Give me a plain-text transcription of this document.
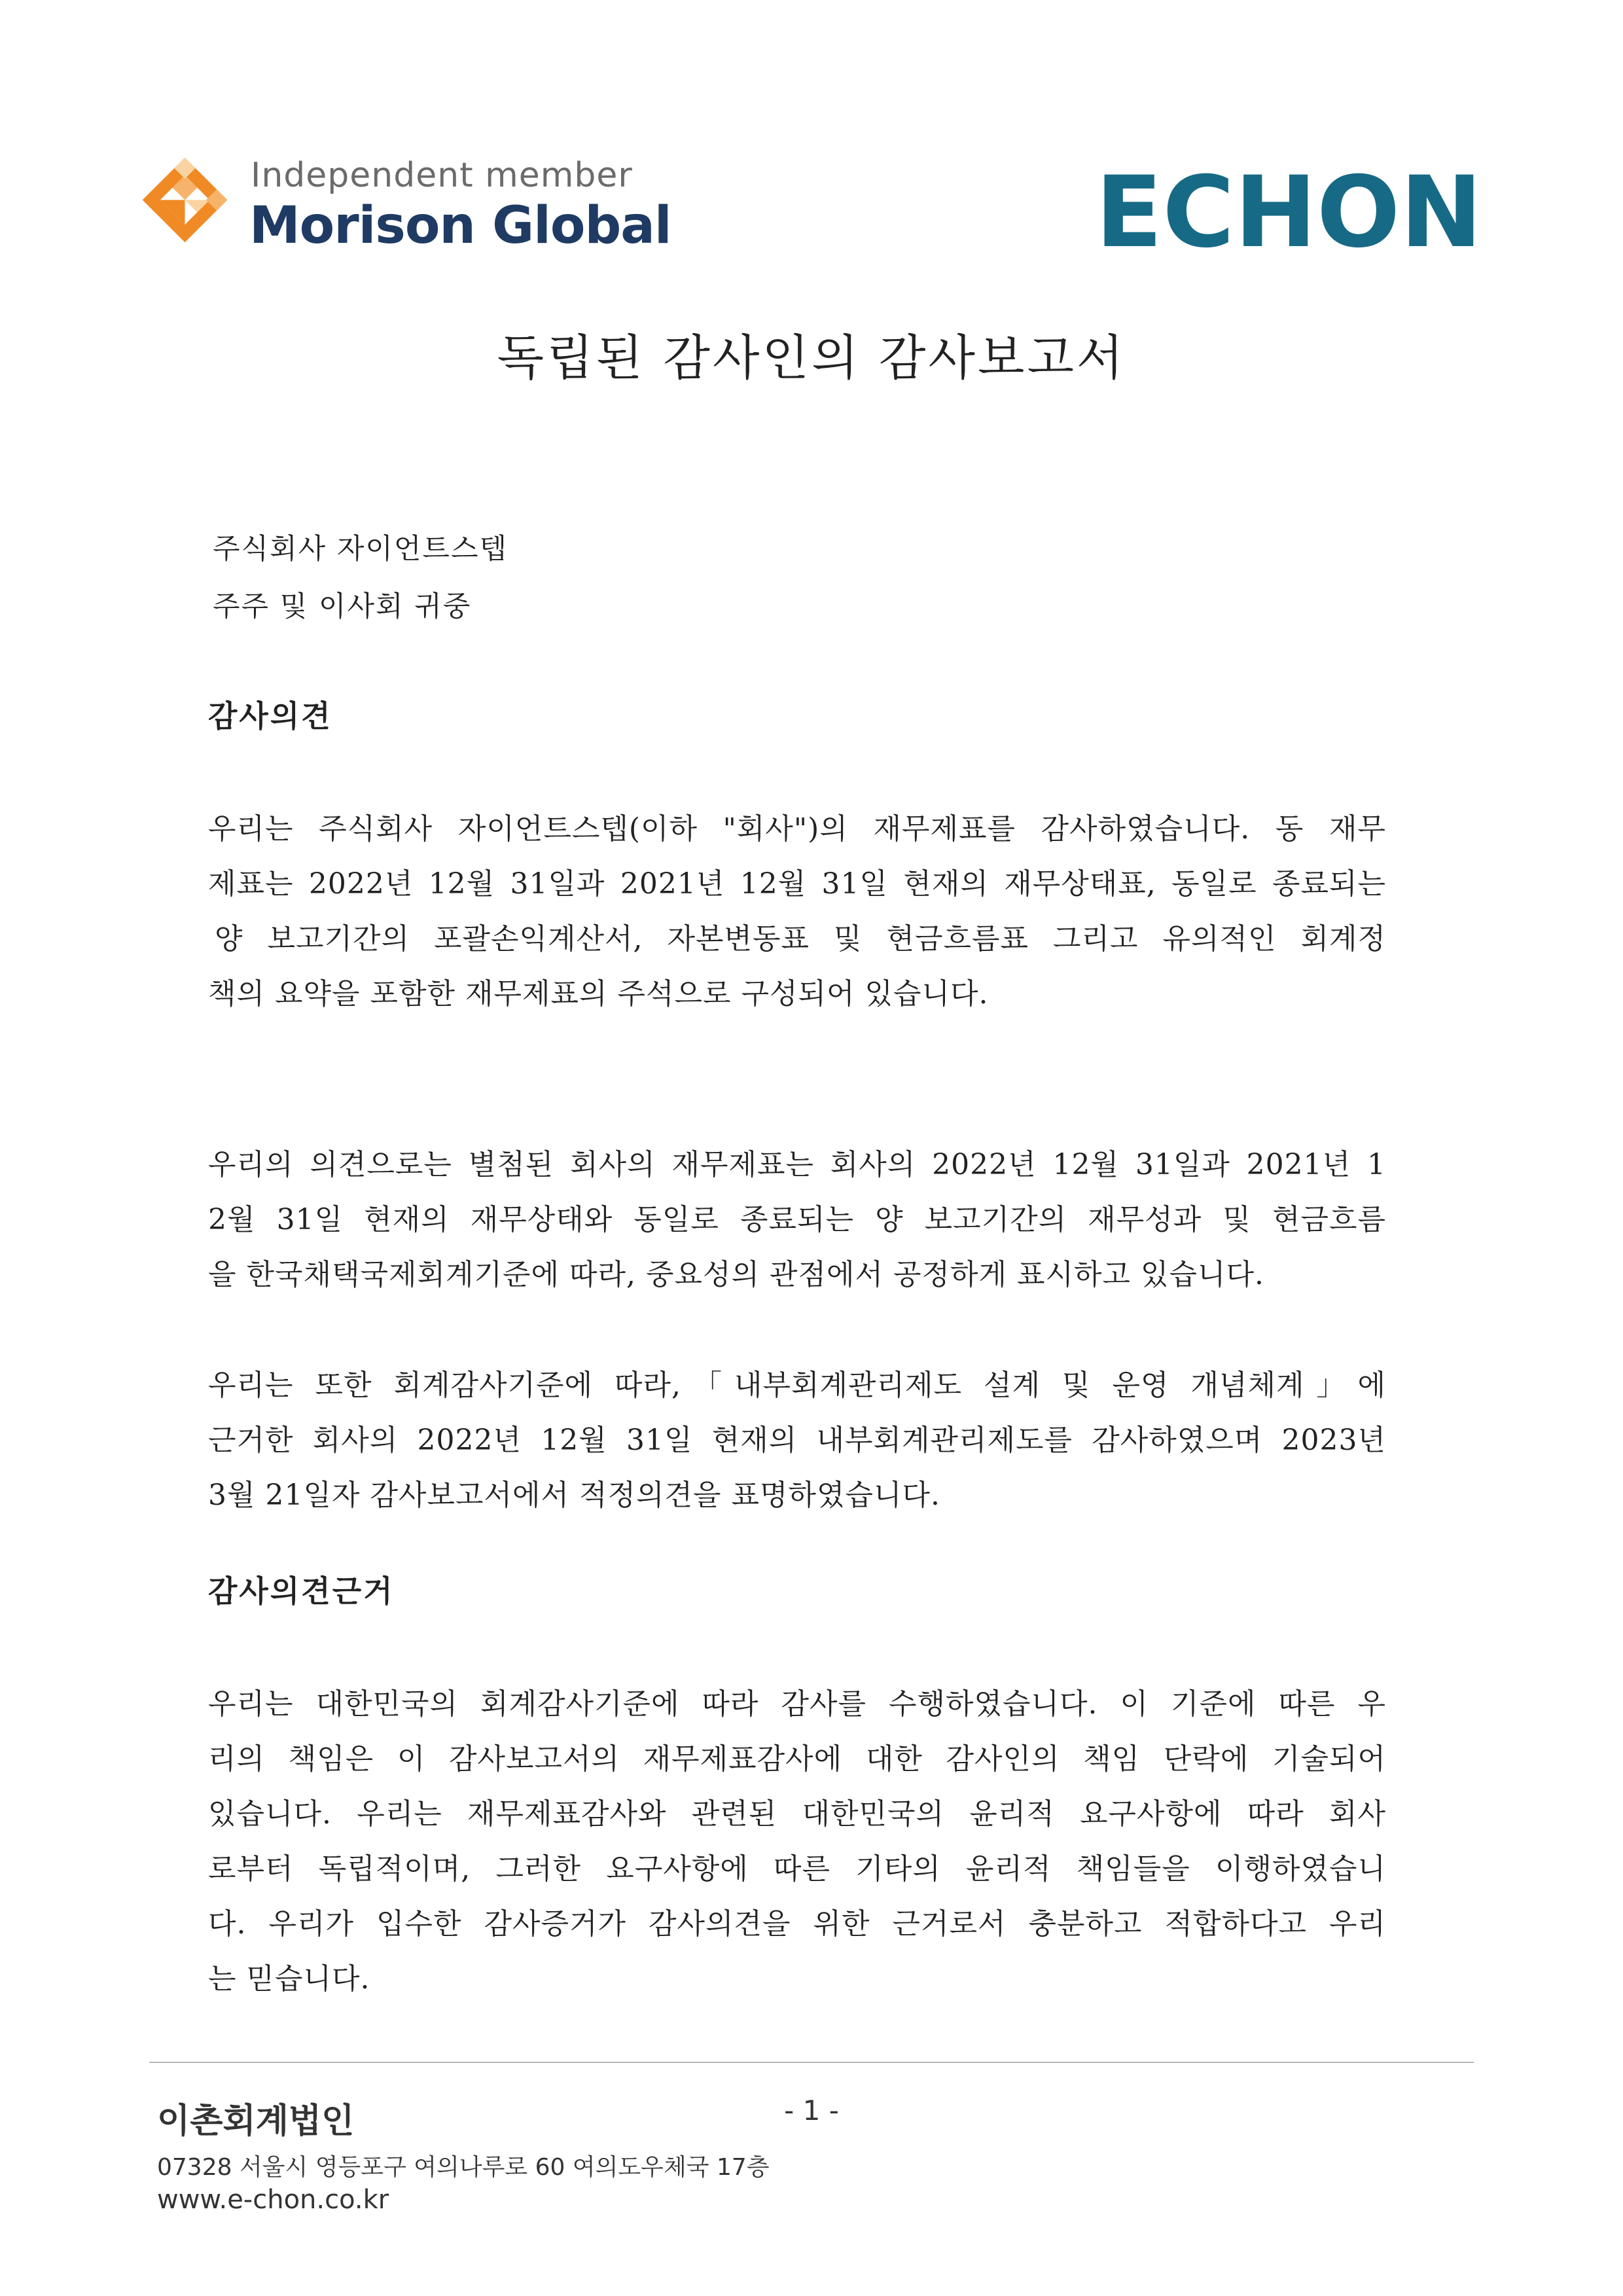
Independent member
Morison Global	ECHON
독립된 감사인의 감사보고서
주식회사 자이언트스텝
주주 및 이사회 귀중
감사의견
우리는 주식회사 자이언트스텝(이하 "회사")의 재무제표를 감사하였습니다. 동 재무
제표는 2022년 12월 31일과 2021년 12월 31일 현재의 재무상태표, 동일로 종료되는
양 보고기간의 포괄손익계산서, 자본변동표 및 현금흐름표 그리고 유의적인 회계정
책의 요약을 포함한 재무제표의 주석으로 구성되어 있습니다.
우리의 의견으로는 별첨된 회사의 재무제표는 회사의 2022년 12월 31일과 2021년 1
2월 31일 현재의 재무상태와 동일로 종료되는 양 보고기간의 재무성과 및 현금흐름
을 한국채택국제회계기준에 따라, 중요성의 관점에서 공정하게 표시하고 있습니다.
우리는 또한 회계감사기준에 따라,「내부회계관리제도 설계 및 운영 개념체계」에
근거한 회사의 2022년 12월 31일 현재의 내부회계관리제도를 감사하였으며 2023년
3월 21일자 감사보고서에서 적정의견을 표명하였습니다.
감사의견근거
우리는 대한민국의 회계감사기준에 따라 감사를 수행하였습니다. 이 기준에 따른 우
리의 책임은 이 감사보고서의 재무제표감사에 대한 감사인의 책임 단락에 기술되어
있습니다. 우리는 재무제표감사와 관련된 대한민국의 윤리적 요구사항에 따라 회사
로부터 독립적이며, 그러한 요구사항에 따른 기타의 윤리적 책임들을 이행하였습니
다. 우리가 입수한 감사증거가 감사의견을 위한 근거로서 충분하고 적합하다고 우리
는 믿습니다.
이촌회계법인	- 1 -
07328 서울시 영등포구 여의나루로 60 여의도우체국 17층
www.e-chon.co.kr
